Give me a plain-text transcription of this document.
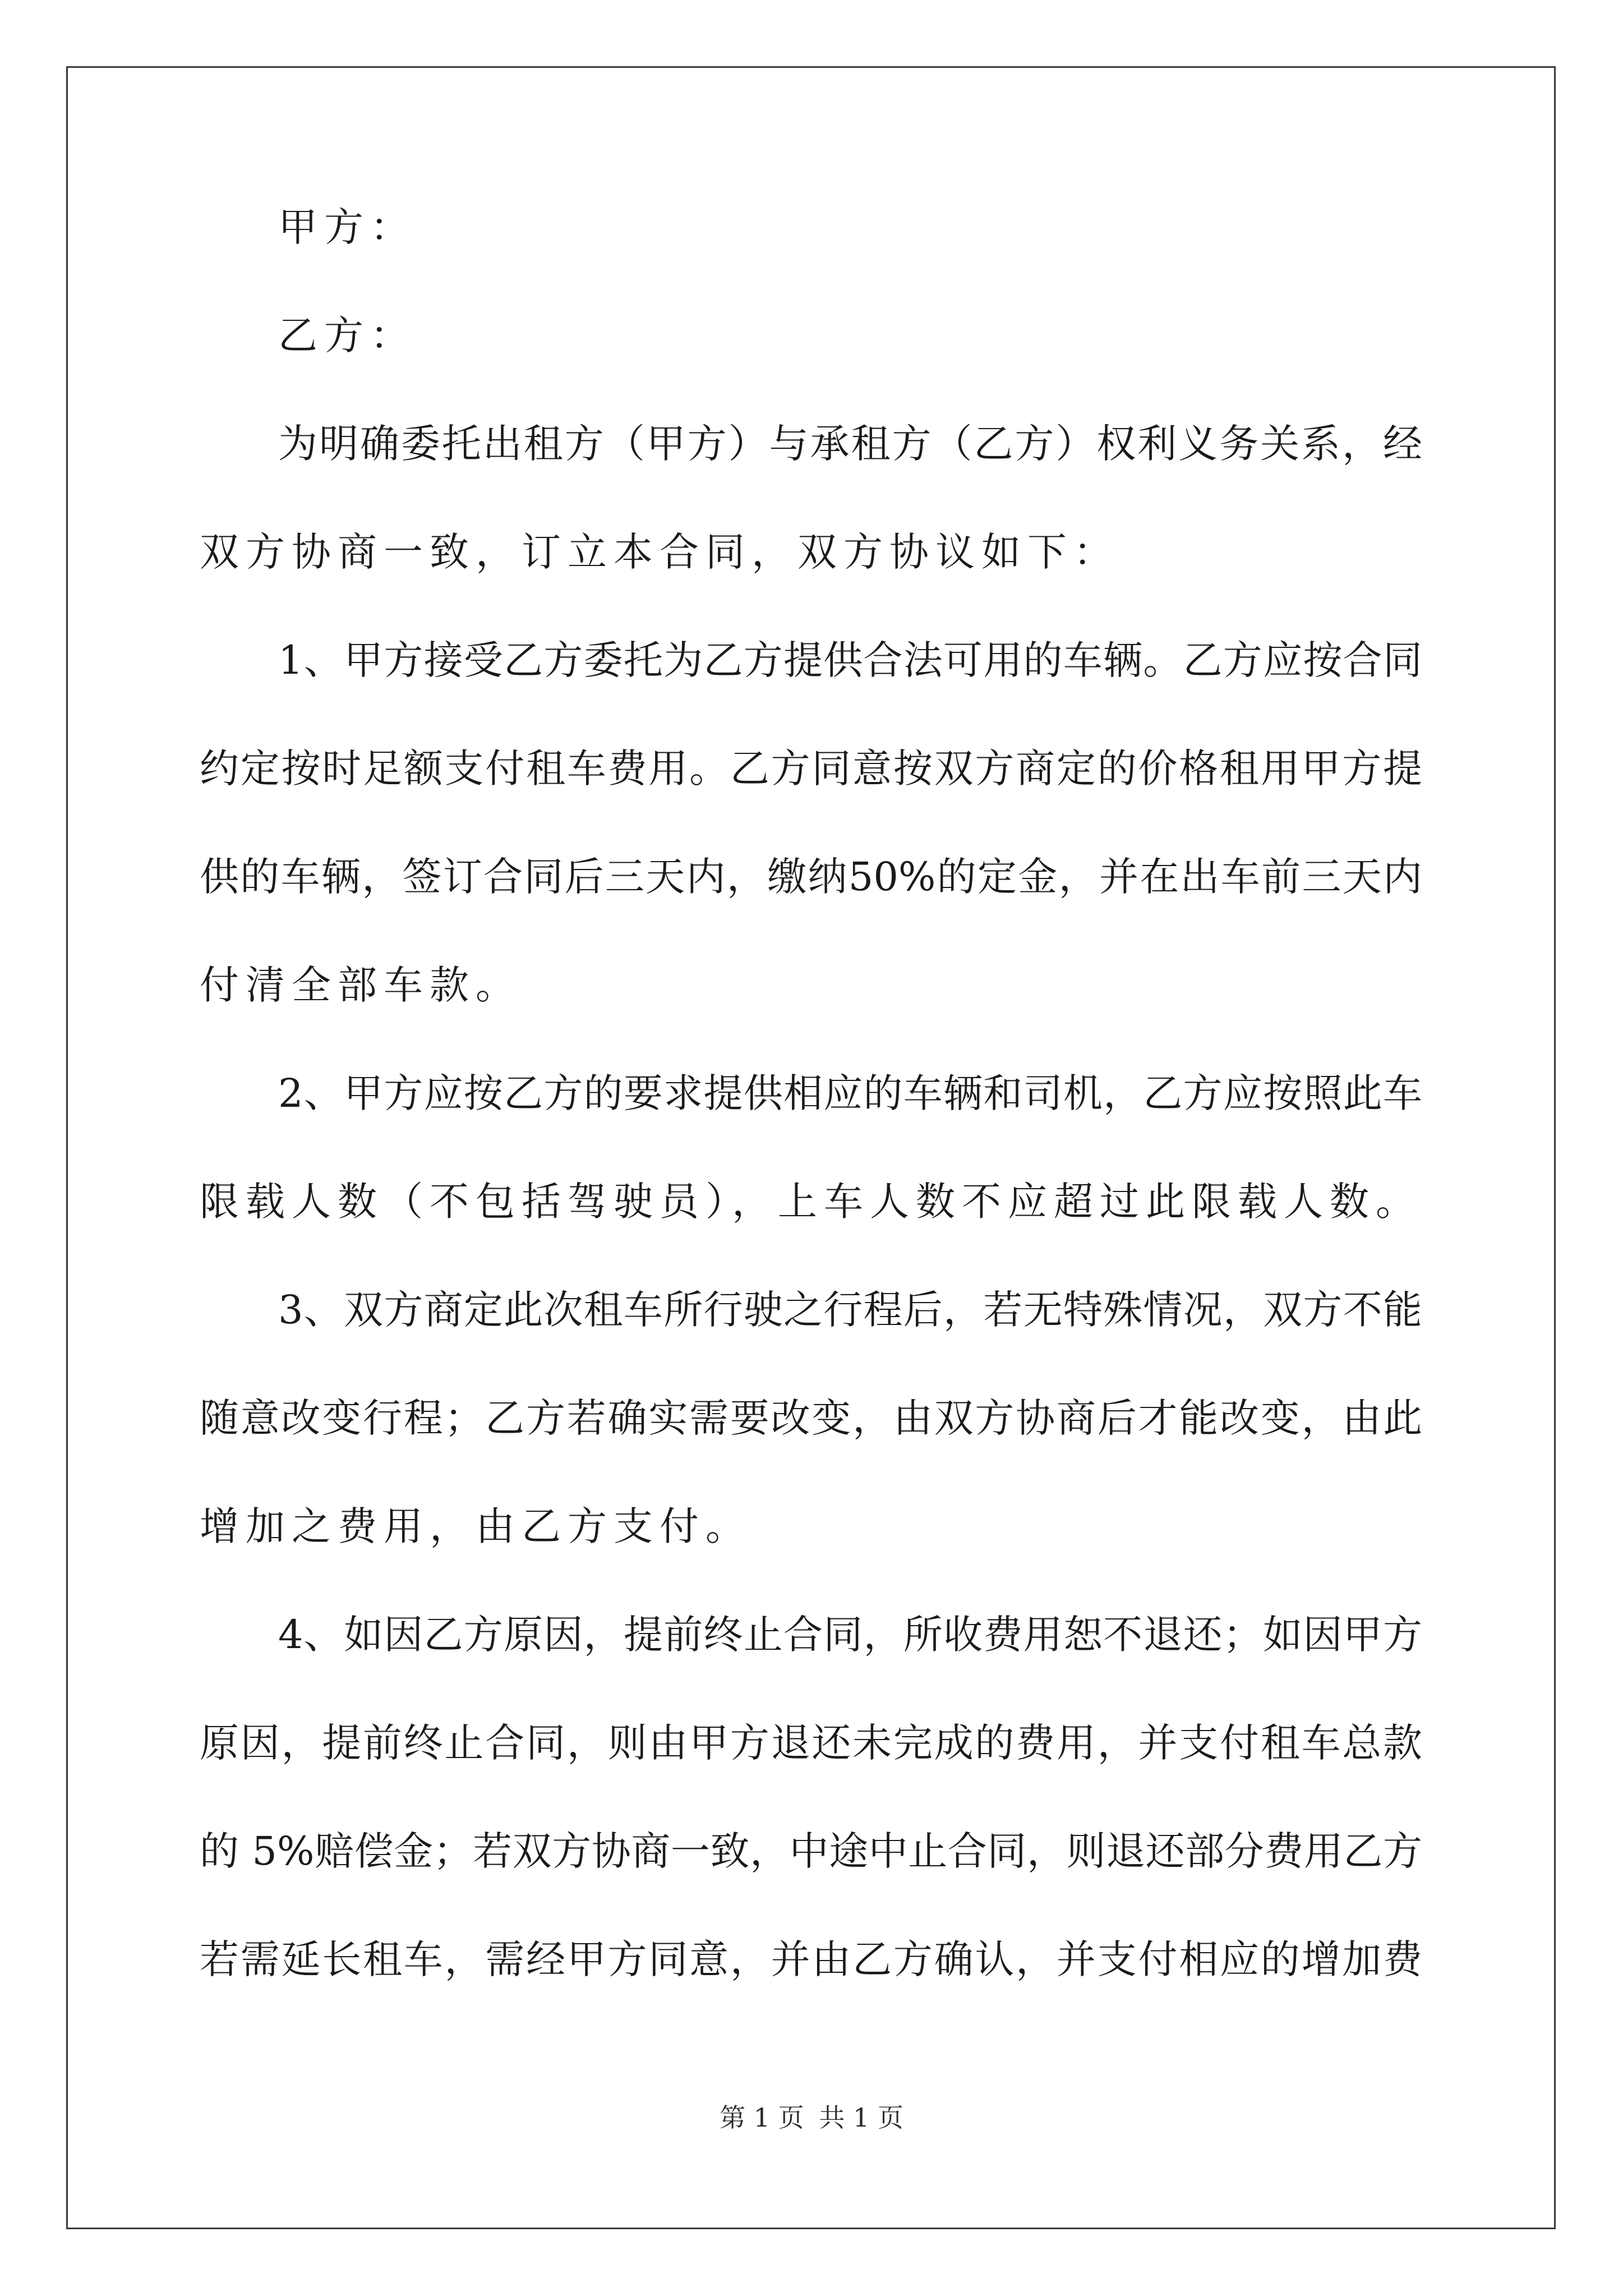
甲方：
乙方：
为明确委托出租方（甲方）与承租方（乙方）权利义务关系，经
双方协商一致，订立本合同，双方协议如下：
1、甲方接受乙方委托为乙方提供合法可用的车辆。乙方应按合同
约定按时足额支付租车费用。乙方同意按双方商定的价格租用甲方提
供的车辆，签订合同后三天内，缴纳50%的定金，并在出车前三天内
付清全部车款。
2、甲方应按乙方的要求提供相应的车辆和司机，乙方应按照此车
限载人数（不包括驾驶员），上车人数不应超过此限载人数。
3、双方商定此次租车所行驶之行程后，若无特殊情况，双方不能
随意改变行程；乙方若确实需要改变，由双方协商后才能改变，由此
增加之费用，由乙方支付。
4、如因乙方原因，提前终止合同，所收费用恕不退还；如因甲方
原因，提前终止合同，则由甲方退还未完成的费用，并支付租车总款
的 5%赔偿金；若双方协商一致，中途中止合同，则退还部分费用乙方
若需延长租车，需经甲方同意，并由乙方确认，并支付相应的增加费
第 1 页 共 1 页
